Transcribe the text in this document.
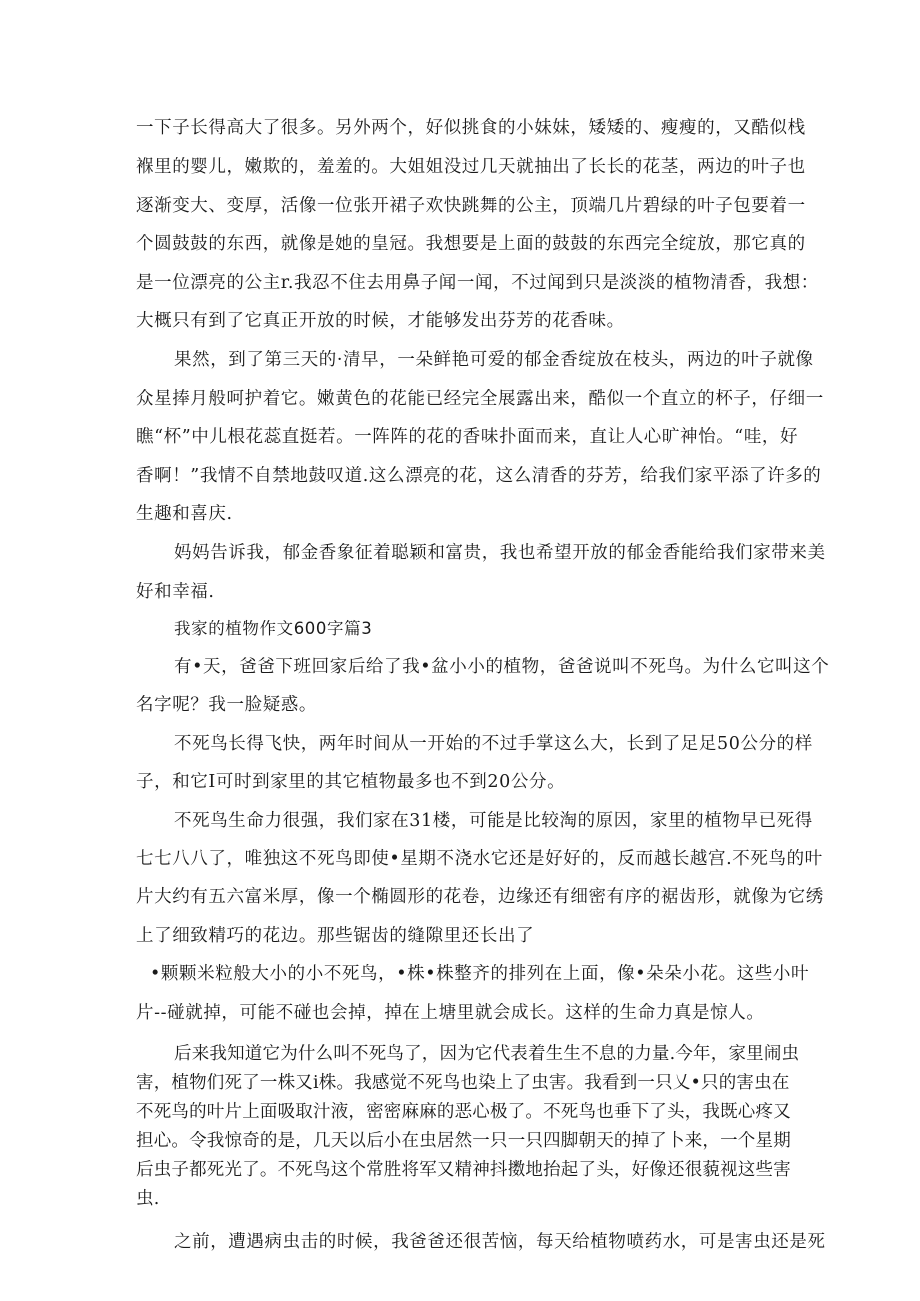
一下子长得高大了很多。另外两个，好似挑食的小妹妹，矮矮的、瘦瘦的，又酷似栈
褓里的婴儿，嫩欺的，羞羞的。大姐姐没过几天就抽出了长长的花茎，两边的叶子也
逐渐变大、变厚，活像一位张开裙子欢快跳舞的公主，顶端几片碧绿的叶子包要着一
个圆鼓鼓的东西，就像是她的皇冠。我想要是上面的鼓鼓的东西完全绽放，那它真的
是一位漂亮的公主r.我忍不住去用鼻子闻一闻，不过闻到只是淡淡的植物清香，我想：
大概只有到了它真正开放的时候，才能够发出芬芳的花香味。
果然，到了第三天的·清早，一朵鲜艳可爱的郁金香绽放在枝头，两边的叶子就像
众星捧月般呵护着它。嫩黄色的花能已经完全展露出来，酷似一个直立的杯子，仔细一
瞧“杯”中儿根花蕊直挺若。一阵阵的花的香味扑面而来，直让人心旷神怡。“哇，好
香啊！”我情不自禁地鼓叹道.这么漂亮的花，这么清香的芬芳，给我们家平添了许多的
生趣和喜庆.
妈妈告诉我，郁金香象征着聪颖和富贵，我也希望开放的郁金香能给我们家带来美
好和幸福.
我家的植物作文600字篇3
有•天，爸爸下班回家后给了我•盆小小的植物，爸爸说叫不死鸟。为什么它叫这个
名字呢？我一脸疑惑。
不死鸟长得飞快，两年时间从一开始的不过手掌这么大，长到了足足50公分的样
子，和它I可时到家里的其它植物最多也不到20公分。
不死鸟生命力很强，我们家在31楼，可能是比较淘的原因，家里的植物早已死得
七七八八了，唯独这不死鸟即使•星期不浇水它还是好好的，反而越长越宫.不死鸟的叶
片大约有五六富米厚，像一个椭圆形的花卷，边缘还有细密有序的裾齿形，就像为它绣
上了细致精巧的花边。那些锯齿的缝隙里还长出了
•颗颗米粒般大小的小不死鸟，•株•株整齐的排列在上面，像•朵朵小花。这些小叶
片--碰就掉，可能不碰也会掉，掉在上塘里就会成长。这样的生命力真是惊人。
后来我知道它为什么叫不死鸟了，因为它代表着生生不息的力量.今年，家里闹虫
害，植物们死了一株又i株。我感觉不死鸟也染上了虫害。我看到一只乂•只的害虫在
不死鸟的叶片上面吸取汁液，密密麻麻的恶心极了。不死鸟也垂下了头，我既心疼又
担心。令我惊奇的是，几天以后小在虫居然一只一只四脚朝天的掉了卜来，一个星期
后虫子都死光了。不死鸟这个常胜将军又精神抖擞地抬起了头，好像还很藐视这些害
虫.
之前，遭遇病虫击的时候，我爸爸还很苦恼，每天给植物喷药水，可是害虫还是死
